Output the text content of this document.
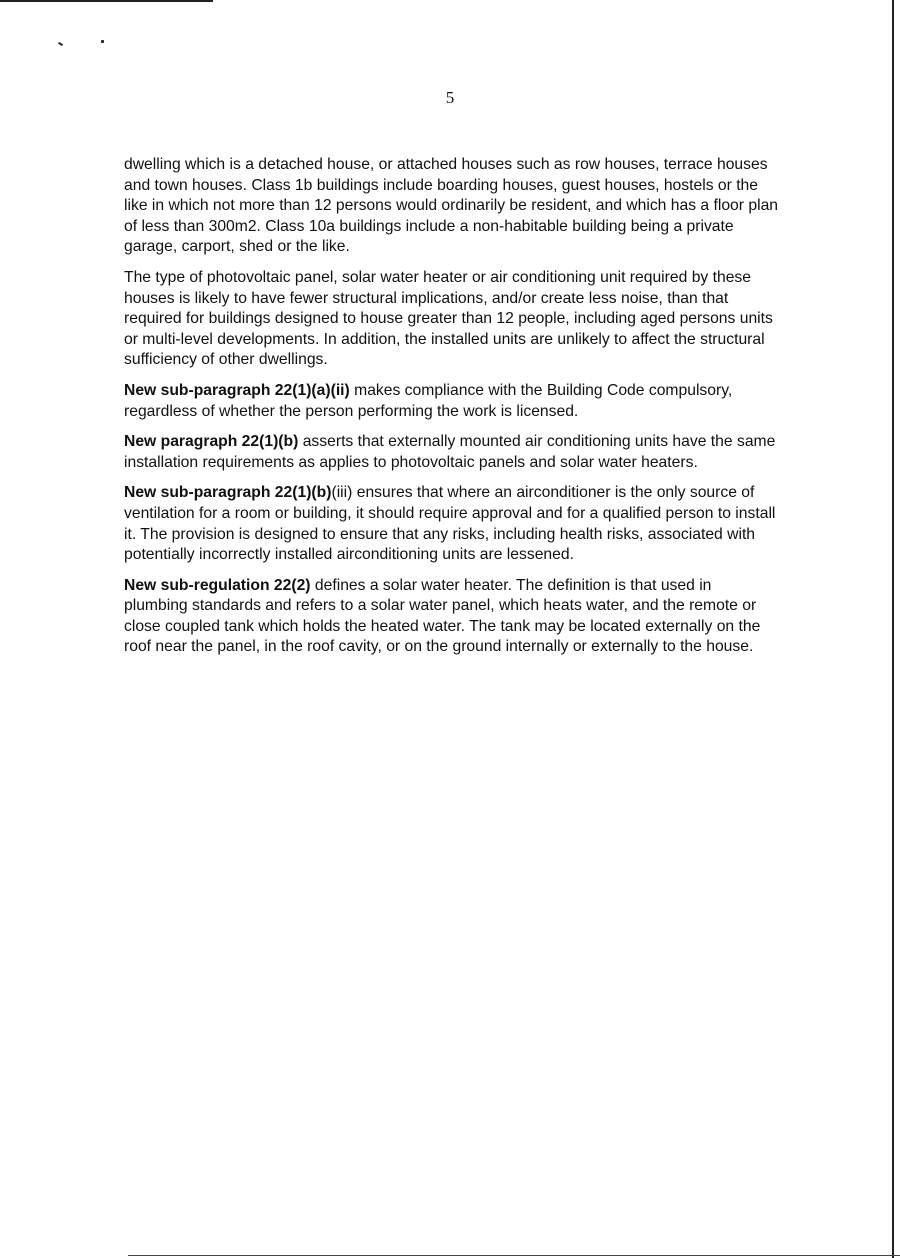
5

dwelling which is a detached house, or attached houses such as row houses, terrace houses and town houses. Class 1b buildings include boarding houses, guest houses, hostels or the like in which not more than 12 persons would ordinarily be resident, and which has a floor plan of less than 300m2. Class 10a buildings include a non-habitable building being a private garage, carport, shed or the like.

The type of photovoltaic panel, solar water heater or air conditioning unit required by these houses is likely to have fewer structural implications, and/or create less noise, than that required for buildings designed to house greater than 12 people, including aged persons units or multi-level developments. In addition, the installed units are unlikely to affect the structural sufficiency of other dwellings.

New sub-paragraph 22(1)(a)(ii) makes compliance with the Building Code compulsory, regardless of whether the person performing the work is licensed.

New paragraph 22(1)(b) asserts that externally mounted air conditioning units have the same installation requirements as applies to photovoltaic panels and solar water heaters.

New sub-paragraph 22(1)(b)(iii) ensures that where an airconditioner is the only source of ventilation for a room or building, it should require approval and for a qualified person to install it. The provision is designed to ensure that any risks, including health risks, associated with potentially incorrectly installed airconditioning units are lessened.

New sub-regulation 22(2) defines a solar water heater. The definition is that used in plumbing standards and refers to a solar water panel, which heats water, and the remote or close coupled tank which holds the heated water. The tank may be located externally on the roof near the panel, in the roof cavity, or on the ground internally or externally to the house.
